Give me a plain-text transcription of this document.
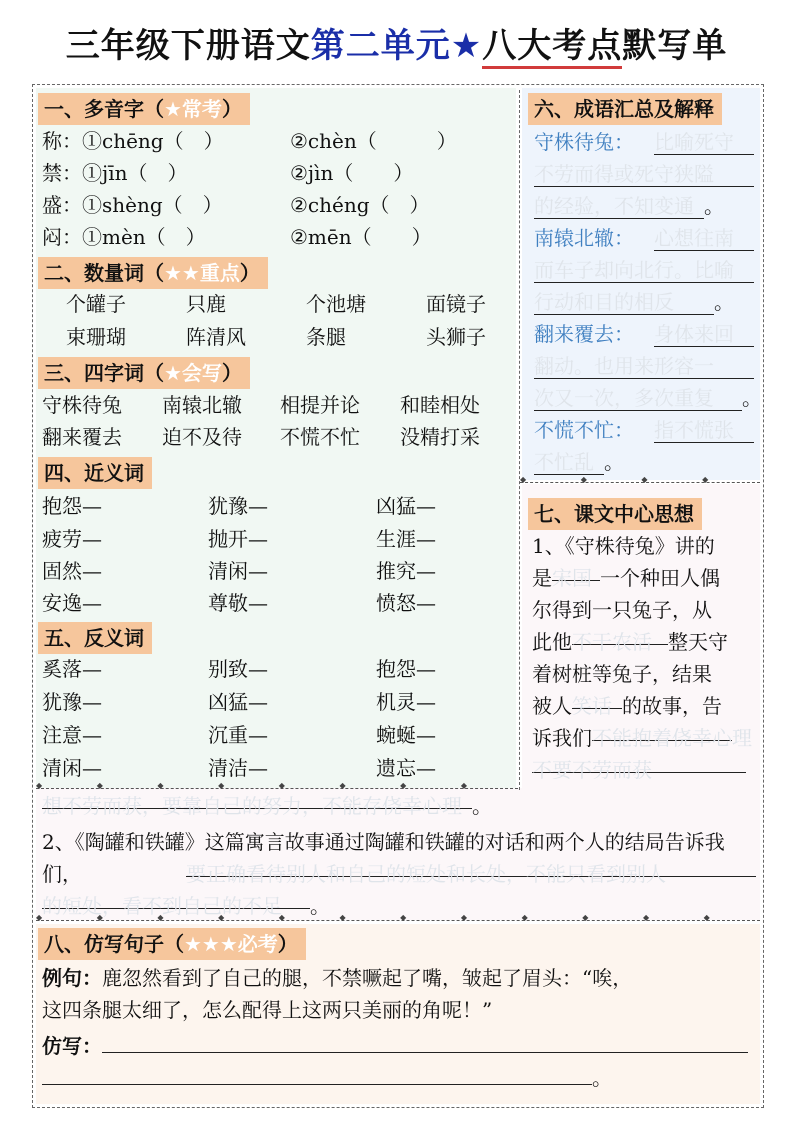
三年级下册语文第二单元★八大考点默写单
◆ ◆ ◆ ◆ ◆ ◆ ◆ ◆ ◆ ◆ ◆ ◆ ◆ ◆ ◆ ◆ ◆ ◆
◆ ◆ ◆ ◆ ◆ ◆ ◆ ◆ ◆ ◆ ◆ ◆ ◆ ◆ ◆ ◆ ◆ ◆
◆ ◆ ◆ ◆ ◆ ◆ ◆ ◆ ◆ ◆ ◆ ◆ ◆ ◆ ◆ ◆ ◆ ◆
一、多音字（★常考）
称：①chēng（　）	②chèn（　　　）
禁：①jīn（　）	②jìn（　　）
盛：①shèng（　）	②chéng（　）
闷：①mèn（　）	②mēn（　　）
二、数量词（★★重点）
个罐子	只鹿	个池塘	面镜子
束珊瑚	阵清风	条腿	头狮子
三、四字词（★会写）
守株待兔 南辕北辙 相提并论 和睦相处
翻来覆去 迫不及待 不慌不忙 没精打采
四、近义词
抱怨—	犹豫—	凶猛—
疲劳—	抛开—	生涯—
固然—	清闲—	推究—
安逸—	尊敬—	愤怒—
五、反义词
奚落—	别致—	抱怨—
犹豫—	凶猛—	机灵—
注意—	沉重—	蜿蜒—
清闲—	清洁—	遗忘—
六、成语汇总及解释
守株待兔： 比喻死守
不劳而得或死守狭隘
的经验，不知变通 。
南辕北辙： 心想往南
而车子却向北行。比喻
行动和目的相反	。
翻来覆去： 身体来回
翻动。也用来形容一
次又一次，多次重复	。
不慌不忙： 指不慌张
不忙乱 。
七、课文中心思想
1、《守株待兔》讲的
是宋国 一个种田人偶
尔得到一只兔子，从
此他不干农活 整天守
着树桩等兔子，结果
被人笑话 的故事，告
诉我们不能抱着侥幸心理
不要不劳而获
想不劳而获，要靠自己的努力，不能存侥幸心理 。
2、《陶罐和铁罐》这篇寓言故事通过陶罐和铁罐的对话和两个人的结局告诉我们，	要正确看待别人和自己的短处和长处，不能只看到别人
的短处，看不到自己的不足 。
八、仿写句子（★★★必考）
例句：鹿忽然看到了自己的腿，不禁噘起了嘴，皱起了眉头：“唉，
这四条腿太细了，怎么配得上这两只美丽的角呢！”
仿写：
。
